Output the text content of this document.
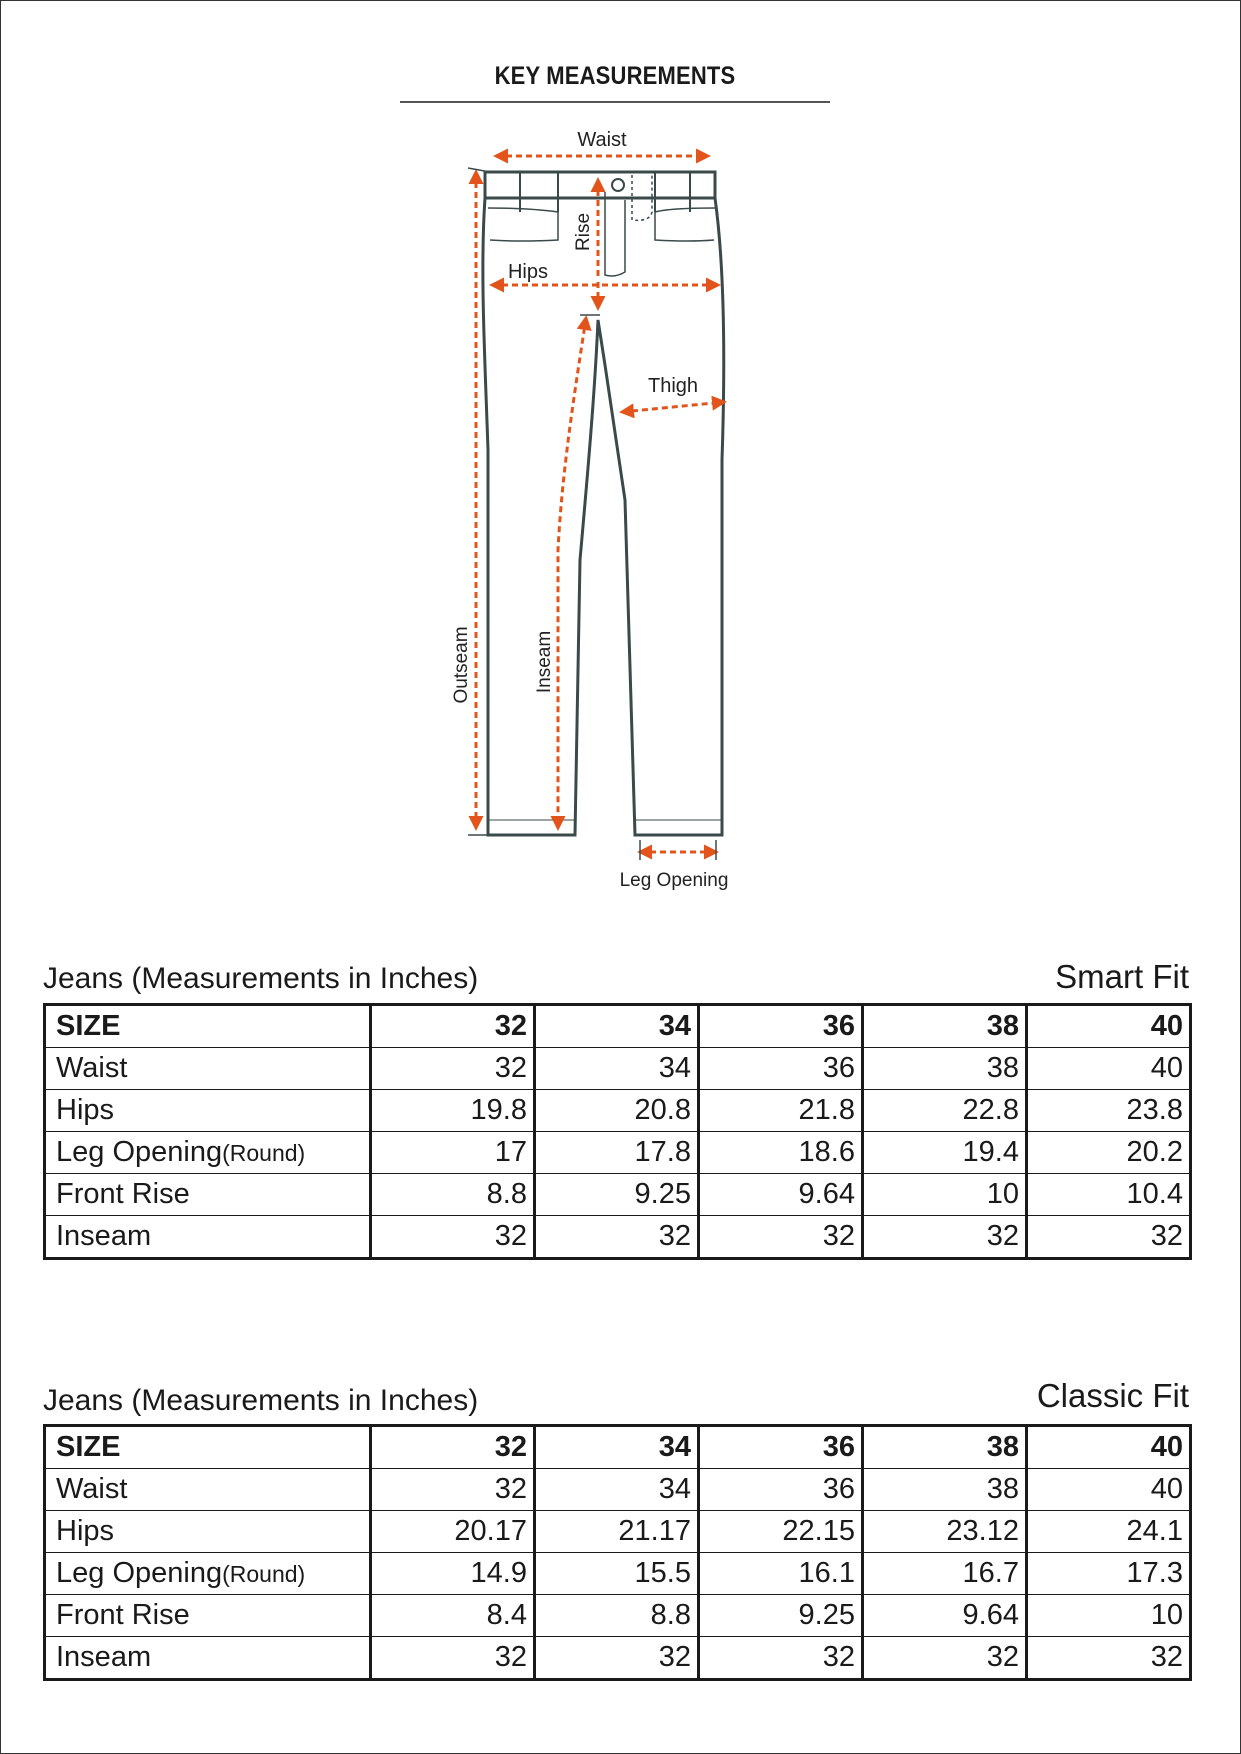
KEY MEASUREMENTS
Waist
Rise
Hips
Thigh
Outseam	Inseam
Leg Opening
Jeans (Measurements in Inches)	Smart Fit
SIZE	32	34	36	38	40
Waist	32	34	36	38	40
Hips	19.8	20.8	21.8	22.8	23.8
Leg Opening(Round)	17	17.8	18.6	19.4	20.2
Front Rise	8.8	9.25	9.64	10	10.4
Inseam	32	32	32	32	32
Jeans (Measurements in Inches)	Classic Fit
SIZE	32	34	36	38	40
Waist	32	34	36	38	40
Hips	20.17	21.17	22.15	23.12	24.1
Leg Opening(Round)	14.9	15.5	16.1	16.7	17.3
Front Rise	8.4	8.8	9.25	9.64	10
Inseam	32	32	32	32	32
